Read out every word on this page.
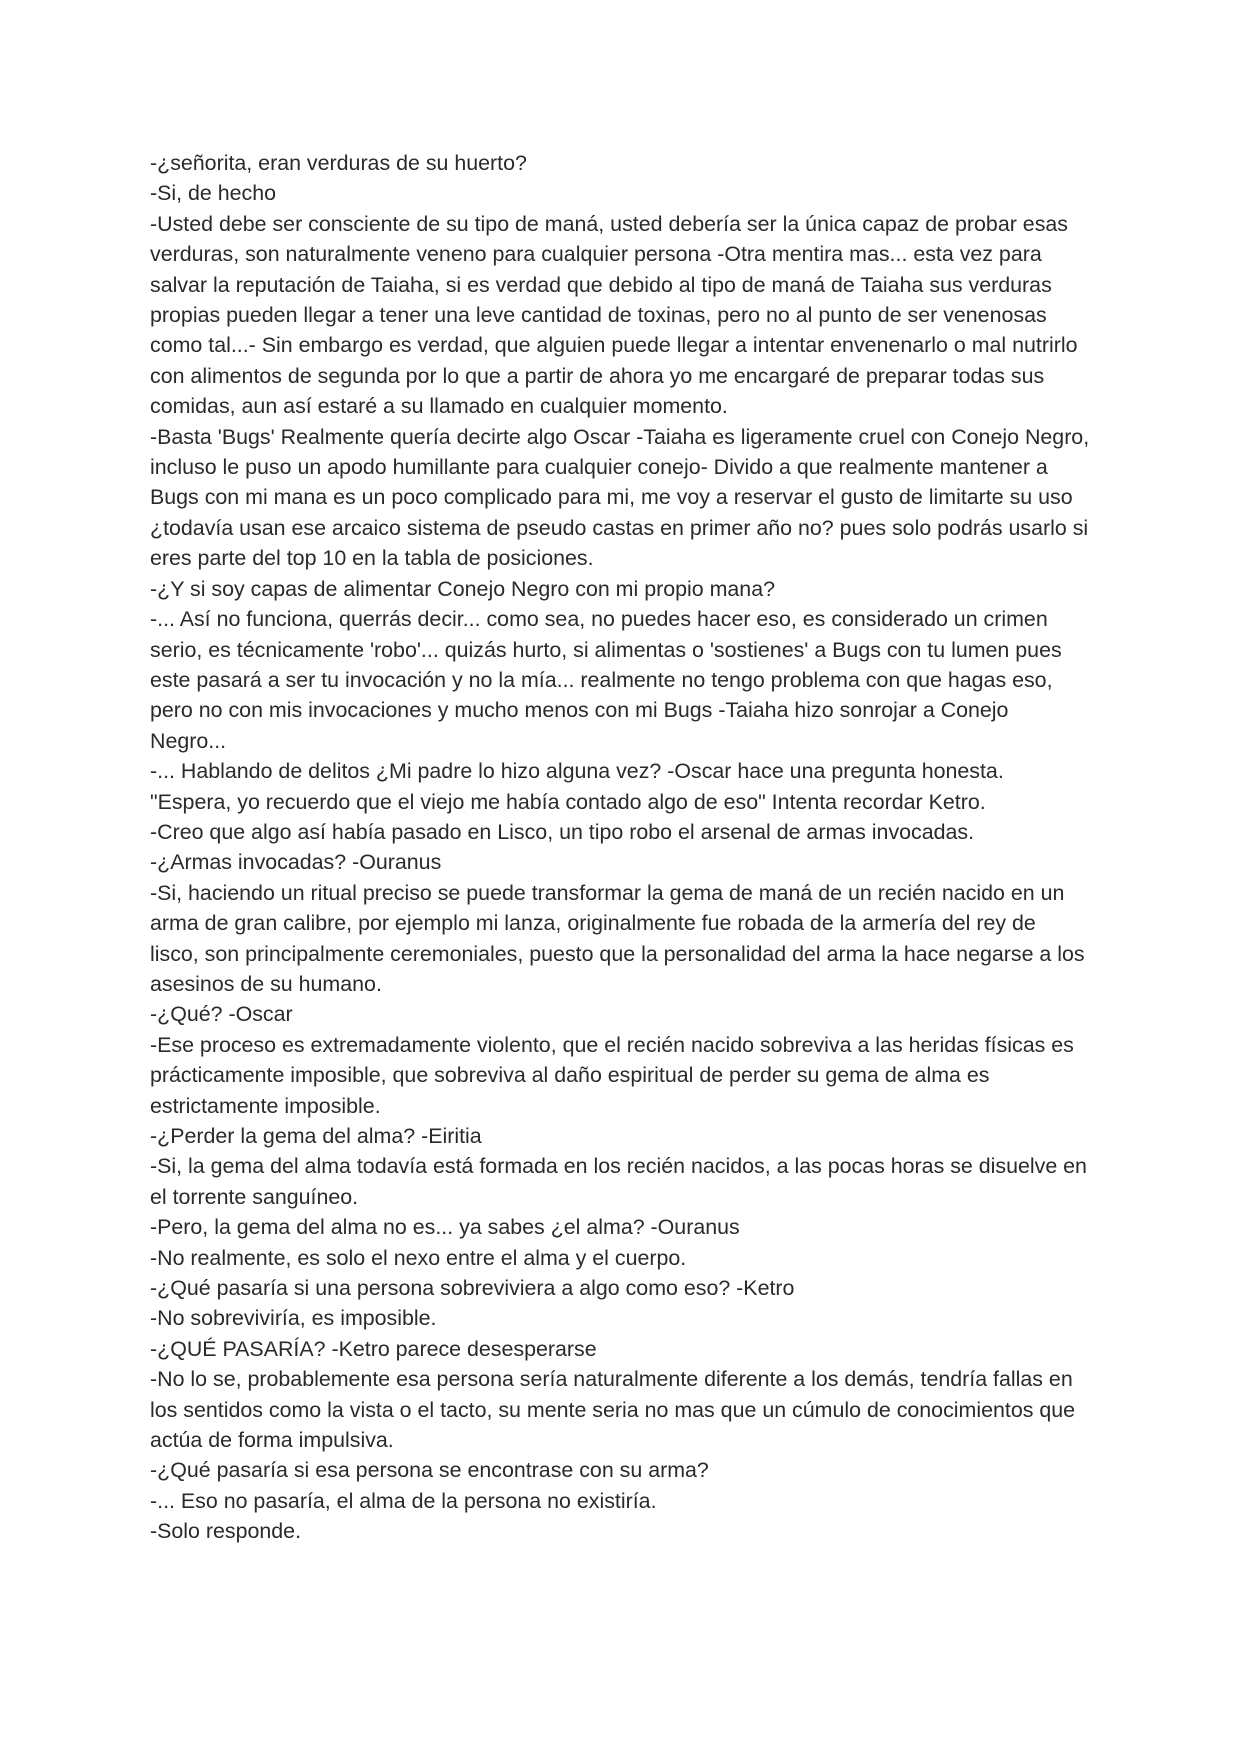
-¿señorita, eran verduras de su huerto?

-Si, de hecho

-Usted debe ser consciente de su tipo de maná, usted debería ser la única capaz de probar esas verduras, son naturalmente veneno para cualquier persona -Otra mentira mas... esta vez para salvar la reputación de Taiaha, si es verdad que debido al tipo de maná de Taiaha sus verduras propias pueden llegar a tener una leve cantidad de toxinas, pero no al punto de ser venenosas como tal...- Sin embargo es verdad, que alguien puede llegar a intentar envenenarlo o mal nutrirlo con alimentos de segunda por lo que a partir de ahora yo me encargaré de preparar todas sus comidas, aun así estaré a su llamado en cualquier momento.

-Basta 'Bugs' Realmente quería decirte algo Oscar -Taiaha es ligeramente cruel con Conejo Negro, incluso le puso un apodo humillante para cualquier conejo- Divido a que realmente mantener a Bugs con mi mana es un poco complicado para mi, me voy a reservar el gusto de limitarte su uso ¿todavía usan ese arcaico sistema de pseudo castas en primer año no? pues solo podrás usarlo si eres parte del top 10 en la tabla de posiciones.

-¿Y si soy capas de alimentar Conejo Negro con mi propio mana?

-... Así no funciona, querrás decir... como sea, no puedes hacer eso, es considerado un crimen serio, es técnicamente 'robo'... quizás hurto, si alimentas o 'sostienes' a Bugs con tu lumen pues este pasará a ser tu invocación y no la mía... realmente no tengo problema con que hagas eso, pero no con mis invocaciones y mucho menos con mi Bugs -Taiaha hizo sonrojar a Conejo Negro...

-... Hablando de delitos ¿Mi padre lo hizo alguna vez? -Oscar hace una pregunta honesta. "Espera, yo recuerdo que el viejo me había contado algo de eso" Intenta recordar Ketro.

-Creo que algo así había pasado en Lisco, un tipo robo el arsenal de armas invocadas.

-¿Armas invocadas? -Ouranus

-Si, haciendo un ritual preciso se puede transformar la gema de maná de un recién nacido en un arma de gran calibre, por ejemplo mi lanza, originalmente fue robada de la armería del rey de lisco, son principalmente ceremoniales, puesto que la personalidad del arma la hace negarse a los asesinos de su humano.

-¿Qué? -Oscar

-Ese proceso es extremadamente violento, que el recién nacido sobreviva a las heridas físicas es prácticamente imposible, que sobreviva al daño espiritual de perder su gema de alma es estrictamente imposible.

-¿Perder la gema del alma? -Eiritia

-Si, la gema del alma todavía está formada en los recién nacidos, a las pocas horas se disuelve en el torrente sanguíneo.

-Pero, la gema del alma no es... ya sabes ¿el alma? -Ouranus

-No realmente, es solo el nexo entre el alma y el cuerpo.

-¿Qué pasaría si una persona sobreviviera a algo como eso? -Ketro

-No sobreviviría, es imposible.

-¿QUÉ PASARÍA? -Ketro parece desesperarse

-No lo se, probablemente esa persona sería naturalmente diferente a los demás, tendría fallas en los sentidos como la vista o el tacto, su mente seria no mas que un cúmulo de conocimientos que actúa de forma impulsiva.

-¿Qué pasaría si esa persona se encontrase con su arma?

-... Eso no pasaría, el alma de la persona no existiría.

-Solo responde.
